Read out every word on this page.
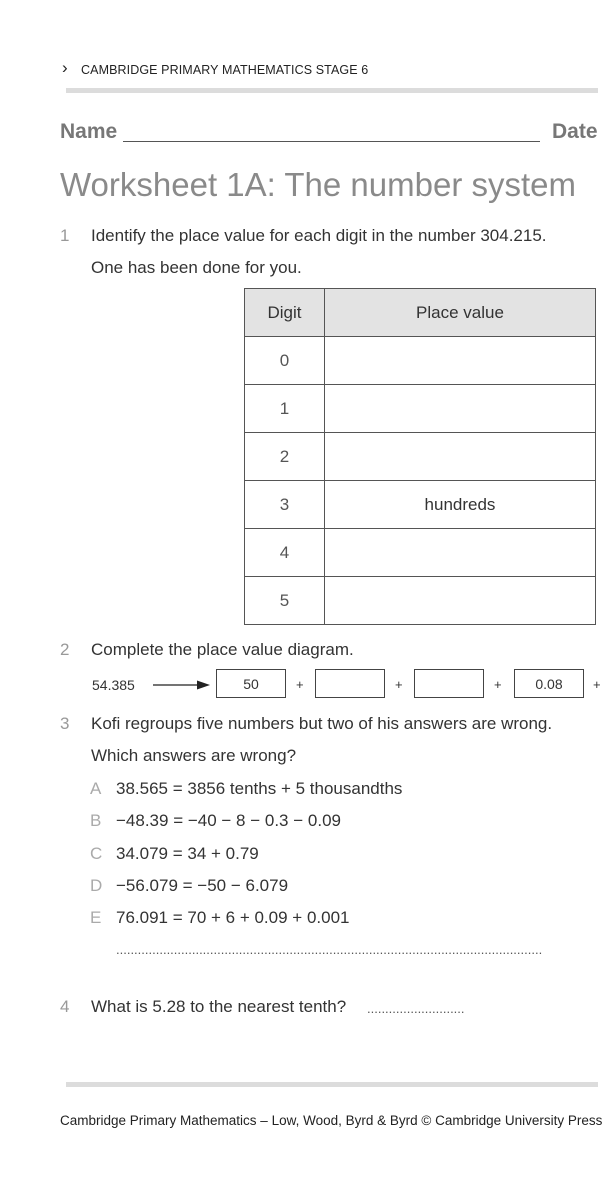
› CAMBRIDGE PRIMARY MATHEMATICS STAGE 6
Name	Date
Worksheet 1A: The number system
1 Identify the place value for each digit in the number 304.215.
One has been done for you.
Digit	Place value
0	
1	
2	
3	hundreds
4	
5	
2 Complete the place value diagram.
54.385	50	+	+	+	0.08	+
3 Kofi regroups five numbers but two of his answers are wrong.
Which answers are wrong?
A 38.565 = 3856 tenths + 5 thousandths
B −48.39 = −40 − 8 − 0.3 − 0.09
C 34.079 = 34 + 0.79
D −56.079 = −50 − 6.079
E 76.091 = 70 + 6 + 0.09 + 0.001
......................................................................................................................
4 What is 5.28 to the nearest tenth? ...........................
Cambridge Primary Mathematics – Low, Wood, Byrd & Byrd © Cambridge University Press
